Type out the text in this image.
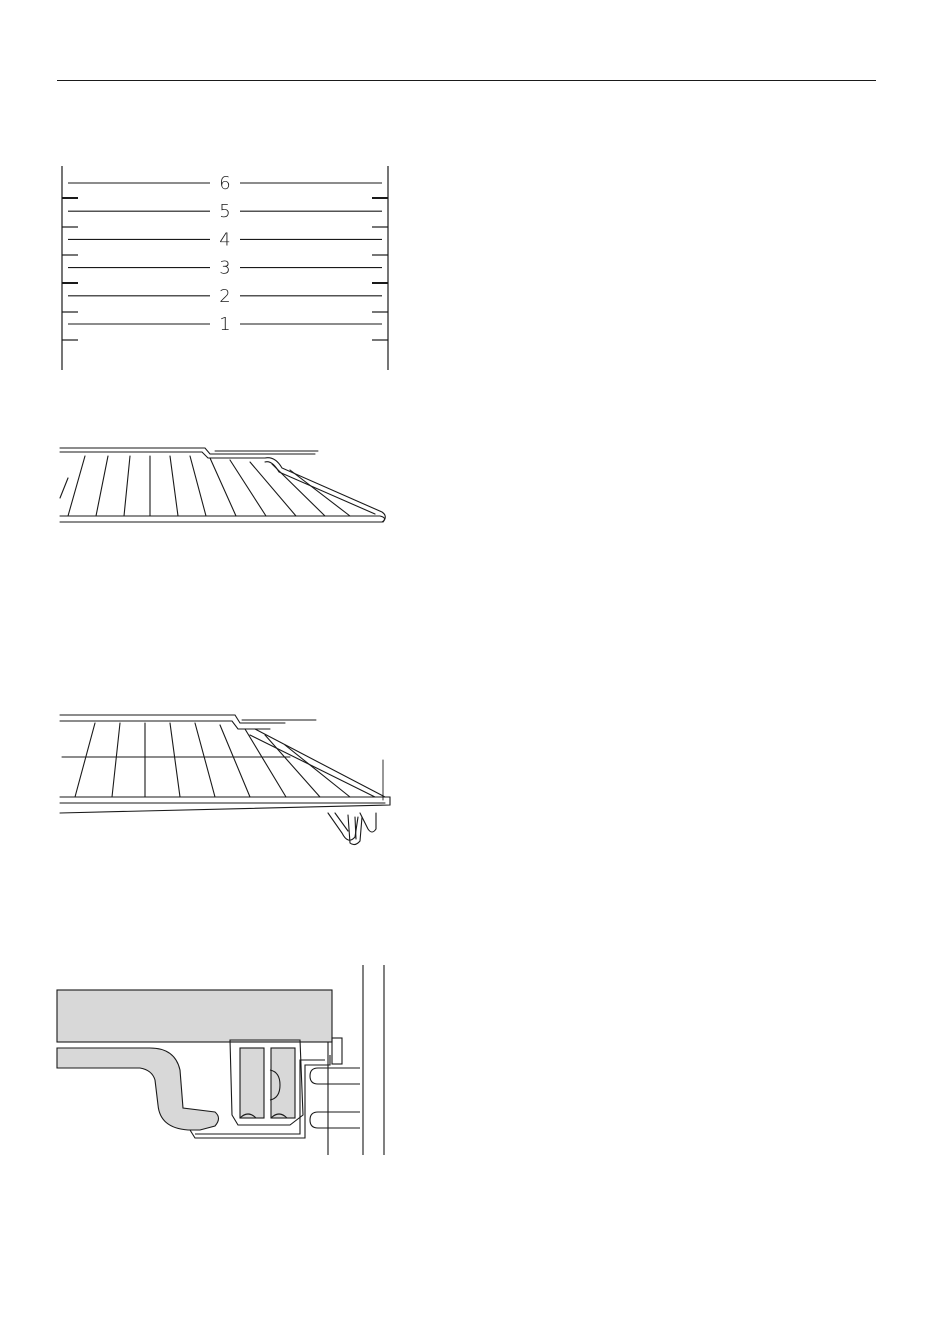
6
5
4
3
2
1
